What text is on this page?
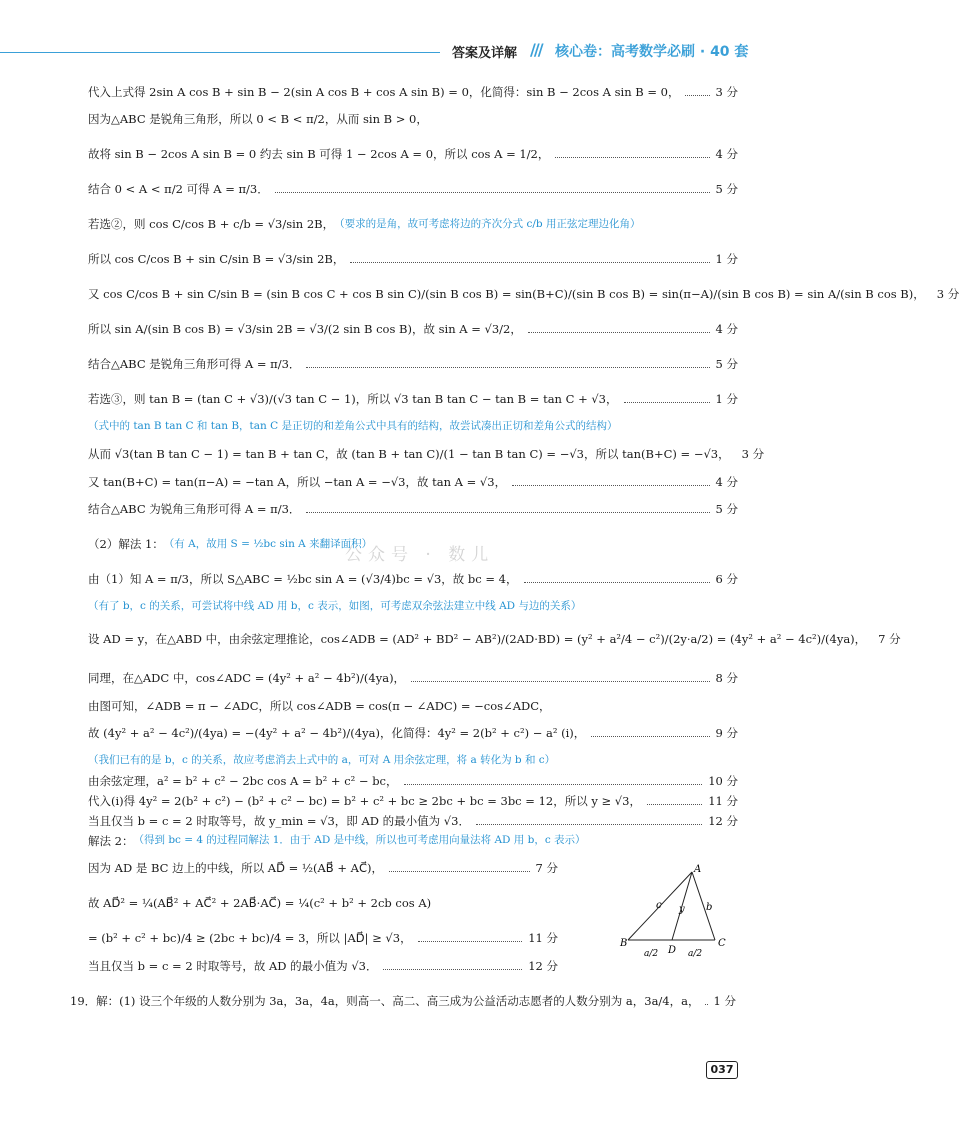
答案及详解 /// 核心卷：高考数学必刷 · 40 套
公众号 · 数儿
代入上式得 2sin A cos B + sin B − 2(sin A cos B + cos A sin B) = 0，化简得：sin B − 2cos A sin B = 0，	3 分
因为△ABC 是锐角三角形，所以 0 < B < π/2，从而 sin B > 0，
故将 sin B − 2cos A sin B = 0 约去 sin B 可得 1 − 2cos A = 0，所以 cos A = 1/2，	4 分
结合 0 < A < π/2 可得 A = π/3．	5 分
若选②，则 cos C/cos B + c/b = √3/sin 2B， （要求的是角，故可考虑将边的齐次分式 c/b 用正弦定理边化角）
所以 cos C/cos B + sin C/sin B = √3/sin 2B，	1 分
又 cos C/cos B + sin C/sin B = (sin B cos C + cos B sin C)/(sin B cos B) = sin(B+C)/(sin B cos B) = sin(π−A)/(sin B cos B) = sin A/(sin B cos B)， 3 分
所以 sin A/(sin B cos B) = √3/sin 2B = √3/(2 sin B cos B)，故 sin A = √3/2，	4 分
结合△ABC 是锐角三角形可得 A = π/3．	5 分
若选③，则 tan B = (tan C + √3)/(√3 tan C − 1)，所以 √3 tan B tan C − tan B = tan C + √3，	1 分
（式中的 tan B tan C 和 tan B，tan C 是正切的和差角公式中具有的结构，故尝试凑出正切和差角公式的结构）
从而 √3(tan B tan C − 1) = tan B + tan C，故 (tan B + tan C)/(1 − tan B tan C) = −√3，所以 tan(B+C) = −√3， 3 分
又 tan(B+C) = tan(π−A) = −tan A，所以 −tan A = −√3，故 tan A = √3，	4 分
结合△ABC 为锐角三角形可得 A = π/3．	5 分
（2）解法 1： （有 A，故用 S = ½bc sin A 来翻译面积）
由（1）知 A = π/3，所以 S△ABC = ½bc sin A = (√3/4)bc = √3，故 bc = 4，	6 分
（有了 b，c 的关系，可尝试将中线 AD 用 b，c 表示，如图，可考虑双余弦法建立中线 AD 与边的关系）
设 AD = y，在△ABD 中，由余弦定理推论，cos∠ADB = (AD² + BD² − AB²)/(2AD·BD) = (y² + a²/4 − c²)/(2y·a/2) = (4y² + a² − 4c²)/(4ya)， 7 分
同理，在△ADC 中，cos∠ADC = (4y² + a² − 4b²)/(4ya)，	8 分
由图可知，∠ADB = π − ∠ADC，所以 cos∠ADB = cos(π − ∠ADC) = −cos∠ADC，
故 (4y² + a² − 4c²)/(4ya) = −(4y² + a² − 4b²)/(4ya)，化简得：4y² = 2(b² + c²) − a² (i)，	9 分
（我们已有的是 b，c 的关系，故应考虑消去上式中的 a，可对 A 用余弦定理，将 a 转化为 b 和 c）
由余弦定理，a² = b² + c² − 2bc cos A = b² + c² − bc，	10 分
代入(i)得 4y² = 2(b² + c²) − (b² + c² − bc) = b² + c² + bc ≥ 2bc + bc = 3bc = 12，所以 y ≥ √3，	11 分
当且仅当 b = c = 2 时取等号，故 y_min = √3，即 AD 的最小值为 √3．	12 分
解法 2： （得到 bc = 4 的过程同解法 1．由于 AD 是中线，所以也可考虑用向量法将 AD 用 b，c 表示）
因为 AD 是 BC 边上的中线，所以 AD⃗ = ½(AB⃗ + AC⃗)，	7 分
故 AD⃗² = ¼(AB⃗² + AC⃗² + 2AB⃗·AC⃗) = ¼(c² + b² + 2cb cos A)
= (b² + c² + bc)/4 ≥ (2bc + bc)/4 = 3，所以 |AD⃗| ≥ √3，	11 分
当且仅当 b = c = 2 时取等号，故 AD 的最小值为 √3．	12 分
A
B	C
D
c y b
a/2	a/2
19．解：(1) 设三个年级的人数分别为 3a，3a，4a，则高一、高二、高三成为公益活动志愿者的人数分别为 a，3a/4，a， 1 分
037
